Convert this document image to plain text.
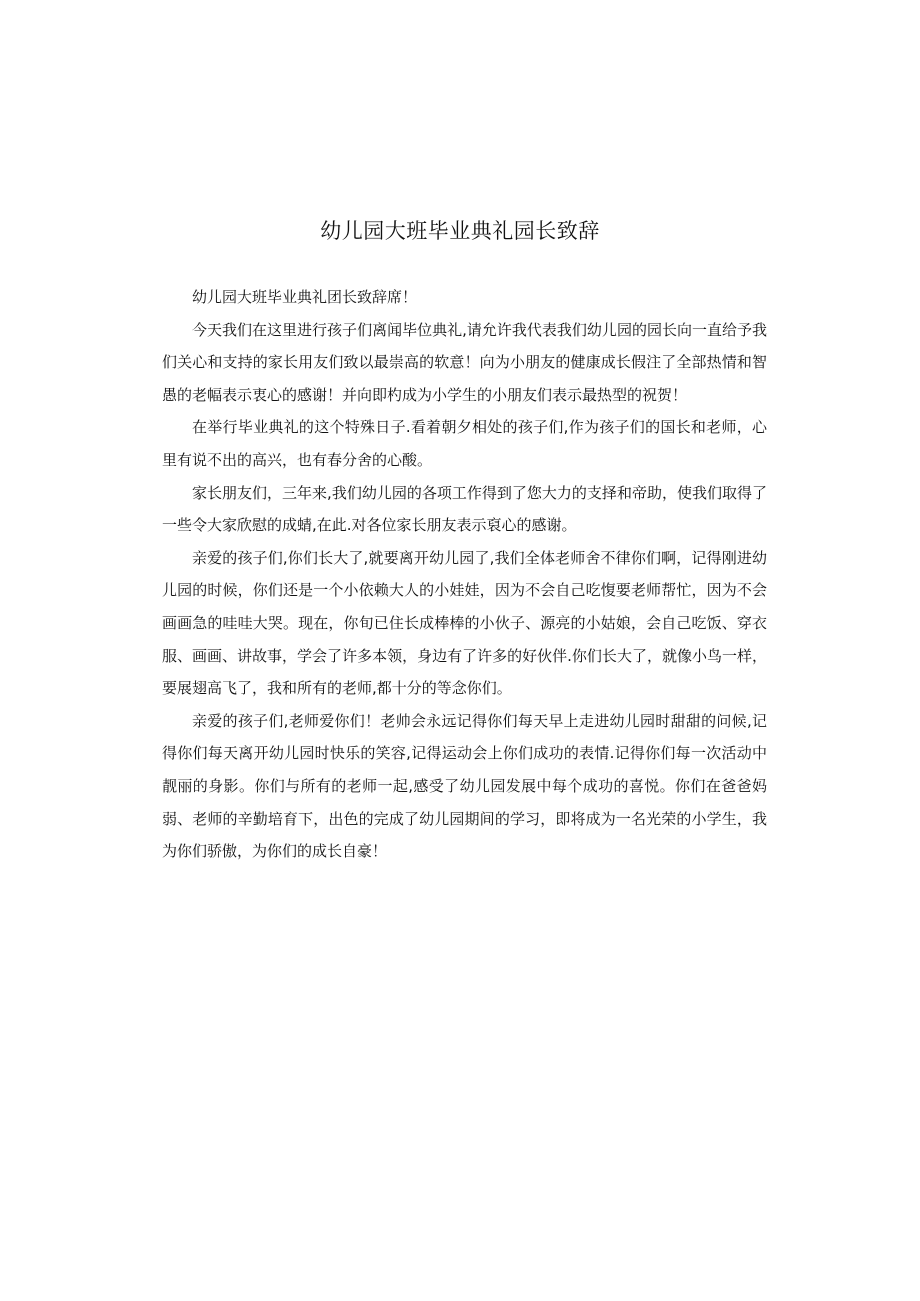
幼儿园大班毕业典礼园长致辞

幼儿园大班毕业典礼团长致辞席！

今天我们在这里进行孩子们离闻毕位典礼,请允许我代表我们幼儿园的园长向一直给予我们关心和支持的家长用友们致以最崇高的软意！向为小朋友的健康成长假注了全部热情和智愚的老幅表示衷心的感谢！并向即杓成为小学生的小朋友们表示最热型的祝贺！

在举行毕业典礼的这个特殊日子.看着朝夕相处的孩子们,作为孩子们的国长和老师，心里有说不出的高兴，也有春分舍的心酸。

家长朋友们，三年来,我们幼儿园的各项工作得到了您大力的支择和帝助，使我们取得了一些令大家欣慰的成蜻,在此.对各位家长朋友表示裒心的感谢。

亲爱的孩子们,你们长大了,就要离开幼儿园了,我们全体老师舍不律你们啊，记得刚进幼儿园的时候，你们还是一个小依赖大人的小娃娃，因为不会自己吃愎要老师帮忙，因为不会画画急的哇哇大哭。现在，你旬已住长成棒棒的小伙子、源亮的小姑娘，会自己吃饭、穿衣服、画画、讲故事，学会了许多本领，身边有了许多的好伙伴.你们长大了，就像小鸟一样，要展翅高飞了，我和所有的老师,都十分的等念你们。

亲爱的孩子们,老师爱你们！老帅会永远记得你们每天早上走进幼儿园时甜甜的问候,记得你们每天离开幼儿园时快乐的笑容,记得运动会上你们成功的表情.记得你们每一次活动中靓丽的身影。你们与所有的老师一起,感受了幼儿园发展中每个成功的喜悦。你们在爸爸妈弱、老师的辛勤培育下，出色的完成了幼儿园期间的学习，即将成为一名光荣的小学生，我为你们骄傲，为你们的成长自豪！
